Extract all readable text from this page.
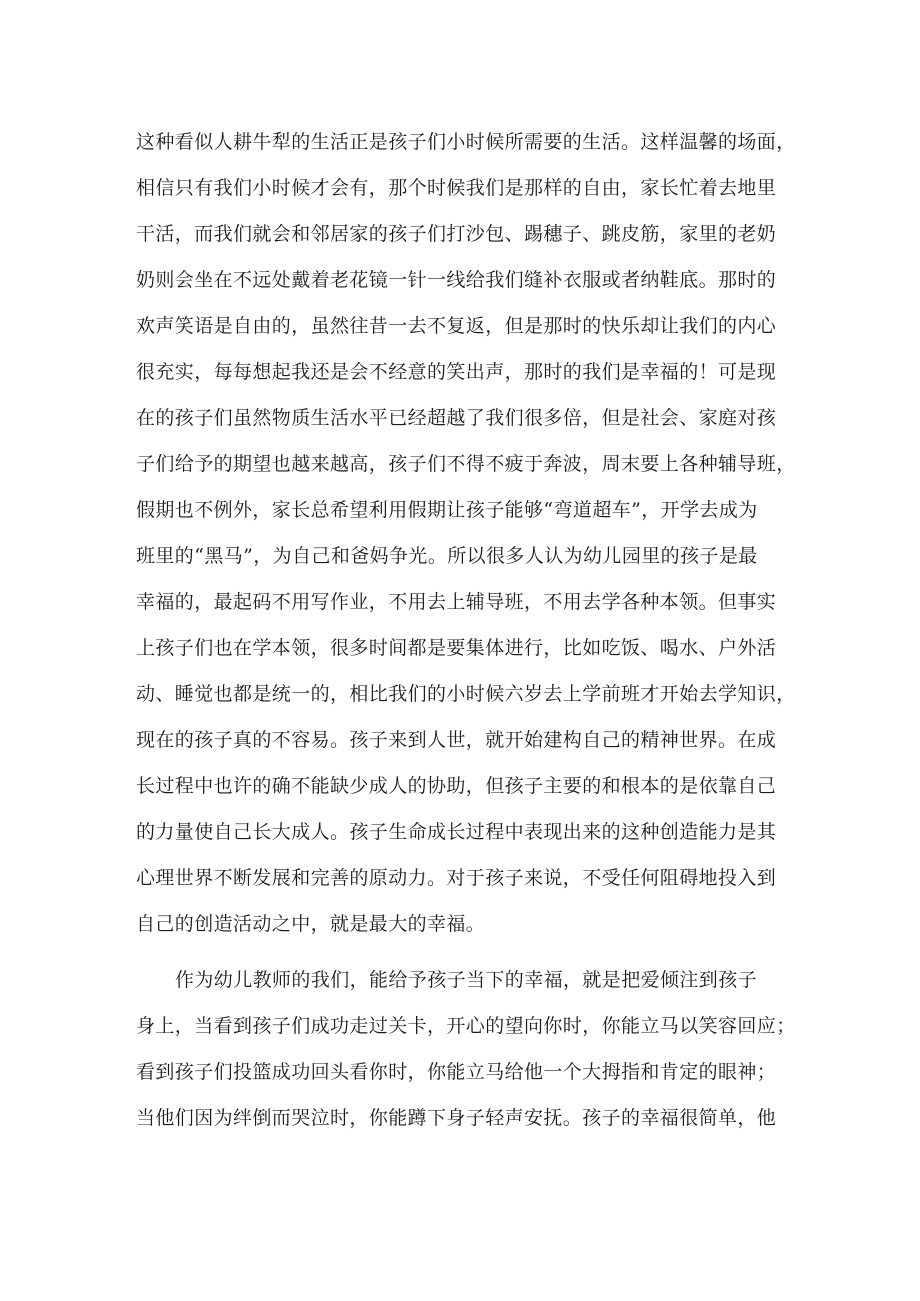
这种看似人耕牛犁的生活正是孩子们小时候所需要的生活。这样温馨的场面，
相信只有我们小时候才会有，那个时候我们是那样的自由，家长忙着去地里
干活，而我们就会和邻居家的孩子们打沙包、踢穗子、跳皮筋，家里的老奶
奶则会坐在不远处戴着老花镜一针一线给我们缝补衣服或者纳鞋底。那时的
欢声笑语是自由的，虽然往昔一去不复返，但是那时的快乐却让我们的内心
很充实，每每想起我还是会不经意的笑出声，那时的我们是幸福的！可是现
在的孩子们虽然物质生活水平已经超越了我们很多倍，但是社会、家庭对孩
子们给予的期望也越来越高，孩子们不得不疲于奔波，周末要上各种辅导班，
假期也不例外，家长总希望利用假期让孩子能够“弯道超车”，开学去成为
班里的“黑马”，为自己和爸妈争光。所以很多人认为幼儿园里的孩子是最
幸福的，最起码不用写作业，不用去上辅导班，不用去学各种本领。但事实
上孩子们也在学本领，很多时间都是要集体进行，比如吃饭、喝水、户外活
动、睡觉也都是统一的，相比我们的小时候六岁去上学前班才开始去学知识，
现在的孩子真的不容易。孩子来到人世，就开始建构自己的精神世界。在成
长过程中也许的确不能缺少成人的协助，但孩子主要的和根本的是依靠自己
的力量使自己长大成人。孩子生命成长过程中表现出来的这种创造能力是其
心理世界不断发展和完善的原动力。对于孩子来说，不受任何阻碍地投入到
自己的创造活动之中，就是最大的幸福。
作为幼儿教师的我们，能给予孩子当下的幸福，就是把爱倾注到孩子
身上，当看到孩子们成功走过关卡，开心的望向你时，你能立马以笑容回应；
看到孩子们投篮成功回头看你时，你能立马给他一个大拇指和肯定的眼神；
当他们因为绊倒而哭泣时，你能蹲下身子轻声安抚。孩子的幸福很简单，他
